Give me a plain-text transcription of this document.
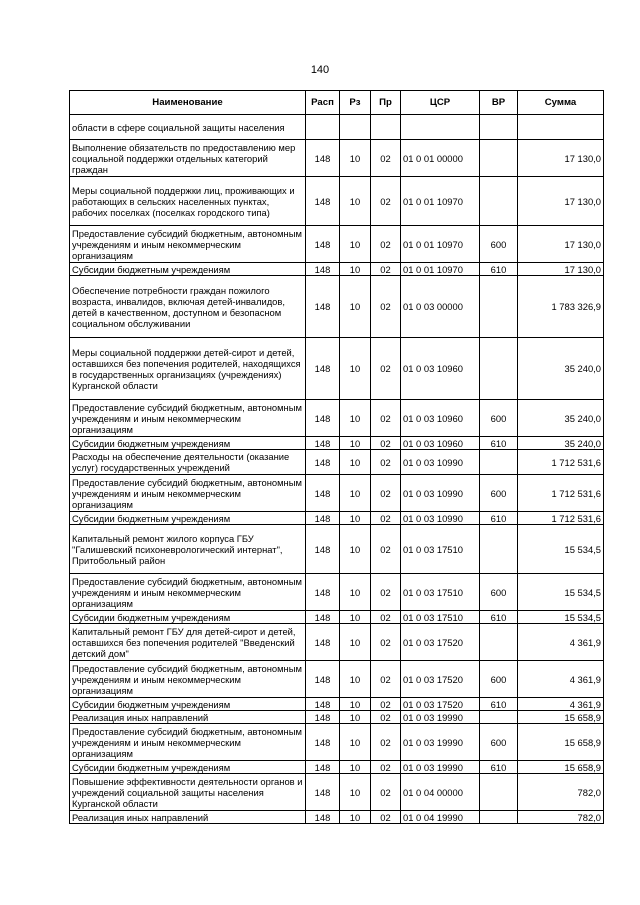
140
Наименование	Расп	Рз	Пр	ЦСР	ВР	Сумма
области в сфере социальной защиты населения						
Выполнение обязательств по предоставлению мер социальной поддержки отдельных категорий граждан	148	10	02	01 0 01 00000		17 130,0
Меры социальной поддержки лиц, проживающих и работающих в сельских населенных пунктах, рабочих поселках (поселках городского типа)	148	10	02	01 0 01 10970		17 130,0
Предоставление субсидий бюджетным, автономным учреждениям и иным некоммерческим организациям	148	10	02	01 0 01 10970	600	17 130,0
Субсидии бюджетным учреждениям	148	10	02	01 0 01 10970	610	17 130,0
Обеспечение потребности граждан пожилого возраста, инвалидов, включая детей-инвалидов, детей в качественном, доступном и безопасном социальном обслуживании	148	10	02	01 0 03 00000		1 783 326,9
Меры социальной поддержки детей-сирот и детей, оставшихся без попечения родителей, находящихся в государственных организациях (учреждениях) Курганской области	148	10	02	01 0 03 10960		35 240,0
Предоставление субсидий бюджетным, автономным учреждениям и иным некоммерческим организациям	148	10	02	01 0 03 10960	600	35 240,0
Субсидии бюджетным учреждениям	148	10	02	01 0 03 10960	610	35 240,0
Расходы на обеспечение деятельности (оказание услуг) государственных учреждений	148	10	02	01 0 03 10990		1 712 531,6
Предоставление субсидий бюджетным, автономным учреждениям и иным некоммерческим организациям	148	10	02	01 0 03 10990	600	1 712 531,6
Субсидии бюджетным учреждениям	148	10	02	01 0 03 10990	610	1 712 531,6
Капитальный ремонт жилого корпуса ГБУ "Галишевский психоневрологический интернат", Притобольный район	148	10	02	01 0 03 17510		15 534,5
Предоставление субсидий бюджетным, автономным учреждениям и иным некоммерческим организациям	148	10	02	01 0 03 17510	600	15 534,5
Субсидии бюджетным учреждениям	148	10	02	01 0 03 17510	610	15 534,5
Капитальный ремонт ГБУ для детей-сирот и детей, оставшихся без попечения родителей "Введенский детский дом"	148	10	02	01 0 03 17520		4 361,9
Предоставление субсидий бюджетным, автономным учреждениям и иным некоммерческим организациям	148	10	02	01 0 03 17520	600	4 361,9
Субсидии бюджетным учреждениям	148	10	02	01 0 03 17520	610	4 361,9
Реализация иных направлений	148	10	02	01 0 03 19990		15 658,9
Предоставление субсидий бюджетным, автономным учреждениям и иным некоммерческим организациям	148	10	02	01 0 03 19990	600	15 658,9
Субсидии бюджетным учреждениям	148	10	02	01 0 03 19990	610	15 658,9
Повышение эффективности деятельности органов и учреждений социальной защиты населения Курганской области	148	10	02	01 0 04 00000		782,0
Реализация иных направлений	148	10	02	01 0 04 19990		782,0
